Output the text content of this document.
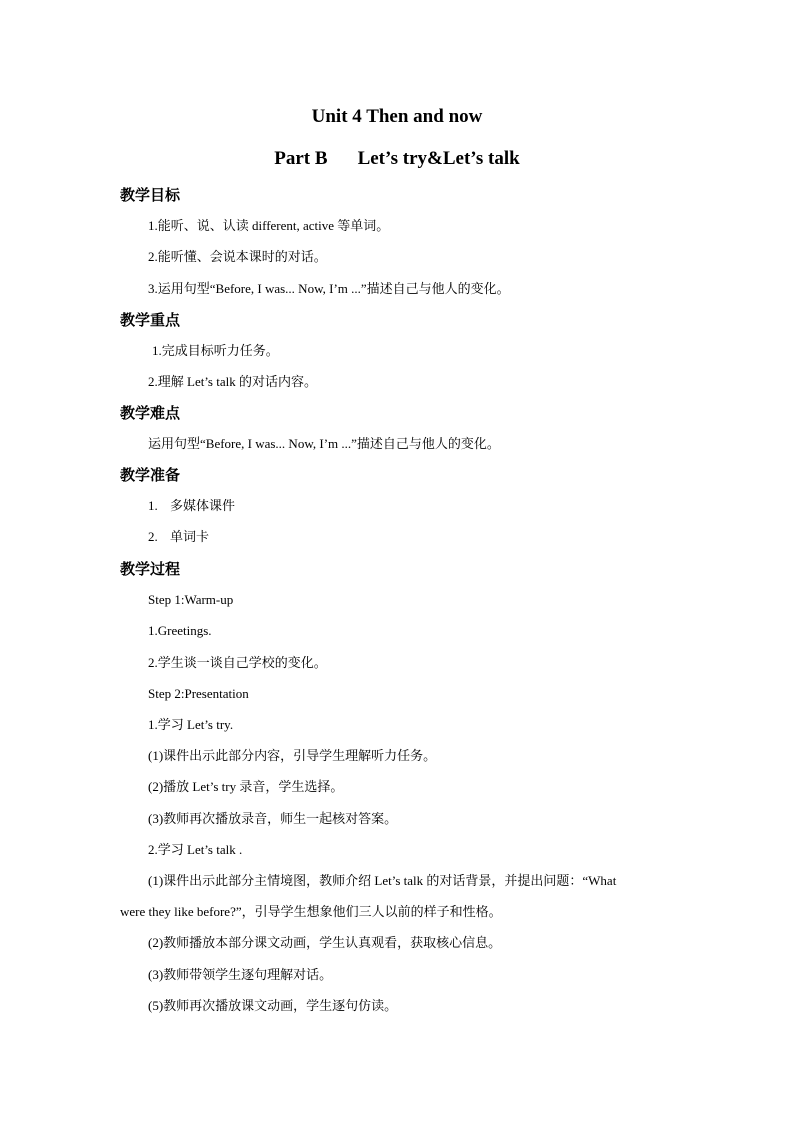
Unit 4 Then and now
Part B Let’s try&Let’s talk
教学目标
1.能听、说、认读 different, active 等单词。
2.能听懂、会说本课时的对话。
3.运用句型“Before, I was... Now, I’m ...”描述自己与他人的变化。
教学重点
1.完成目标听力任务。
2.理解 Let’s talk 的对话内容。
教学难点
运用句型“Before, I was... Now, I’m ...”描述自己与他人的变化。
教学准备
1. 多媒体课件
2. 单词卡
教学过程
Step 1:Warm-up
1.Greetings.
2.学生谈一谈自己学校的变化。
Step 2:Presentation
1.学习 Let’s try.
(1)课件出示此部分内容，引导学生理解听力任务。
(2)播放 Let’s try 录音，学生选择。
(3)教师再次播放录音，师生一起核对答案。
2.学习 Let’s talk .
(1)课件出示此部分主情境图，教师介绍 Let’s talk 的对话背景，并提出问题：“What
were they like before?”，引导学生想象他们三人以前的样子和性格。
(2)教师播放本部分课文动画，学生认真观看，获取核心信息。
(3)教师带领学生逐句理解对话。
(5)教师再次播放课文动画，学生逐句仿读。
